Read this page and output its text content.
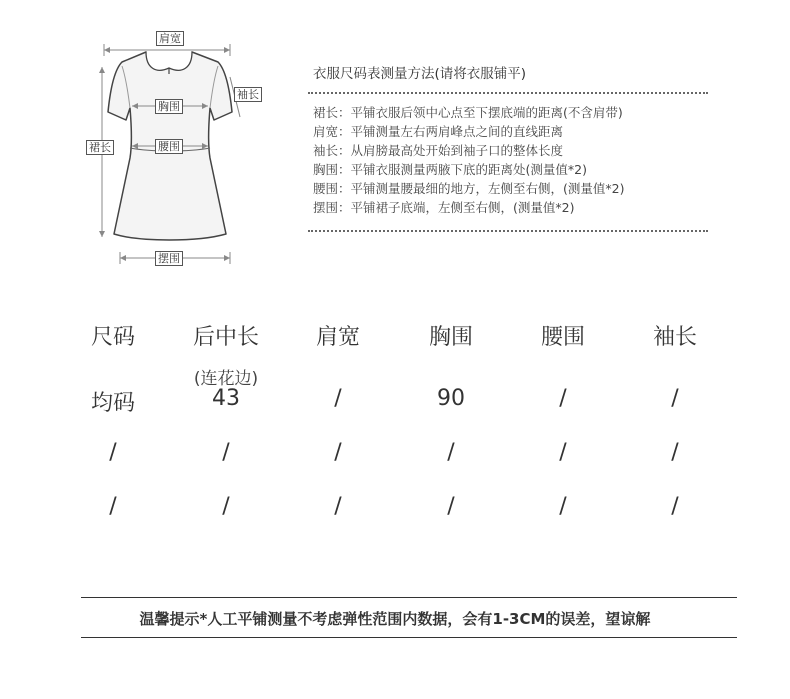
肩宽
袖长
胸围
裙长	腰围
摆围
衣服尺码表测量方法(请将衣服铺平)
裙长：平铺衣服后领中心点至下摆底端的距离(不含肩带)
肩宽：平铺测量左右两肩峰点之间的直线距离
袖长：从肩膀最高处开始到袖子口的整体长度
胸围：平铺衣服测量两腋下底的距离处(测量值*2)
腰围：平铺测量腰最细的地方，左侧至右侧，(测量值*2)
摆围：平铺裙子底端，左侧至右侧，(测量值*2)
尺码	后中长	肩宽	胸围	腰围	袖长
(连花边)
均码	43	/	90	/	/
/	/	/	/	/	/
/	/	/	/	/	/
温馨提示*人工平铺测量不考虑弹性范围内数据，会有1-3CM的误差，望谅解
